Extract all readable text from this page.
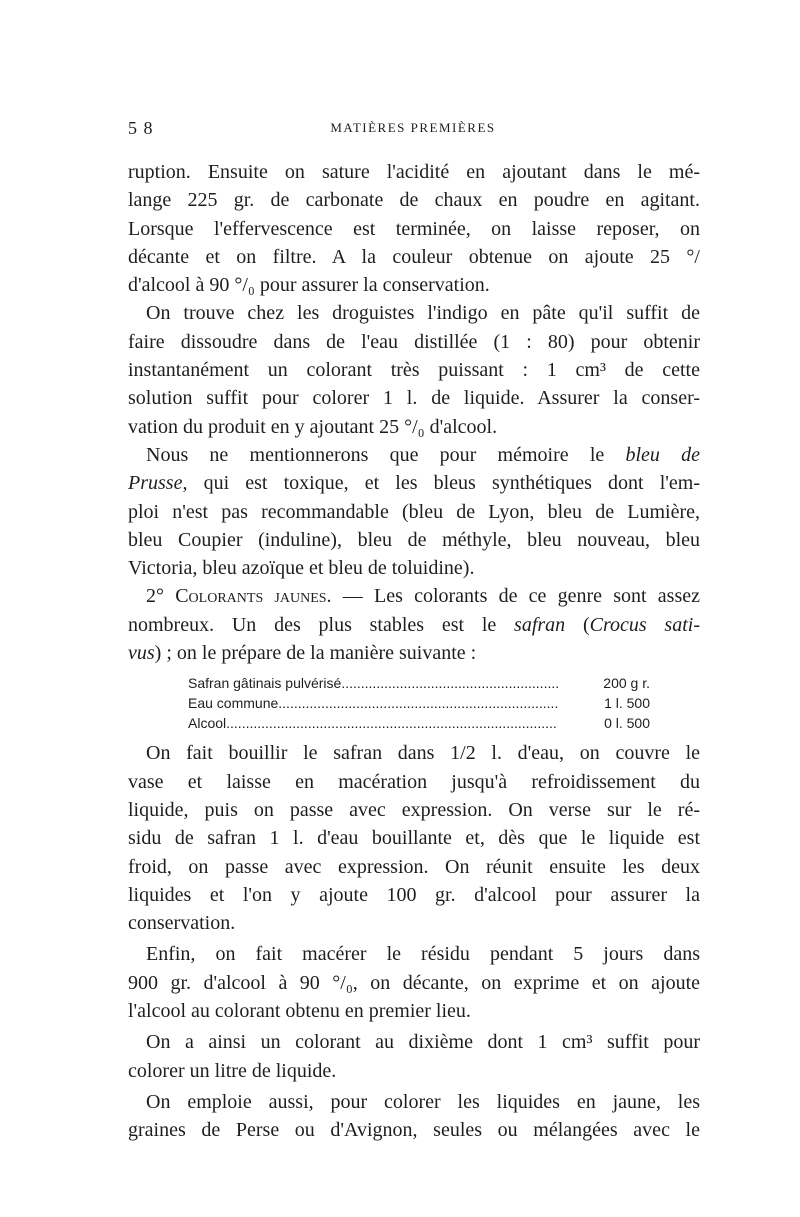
5 8	MATIÈRES PREMIÈRES
ruption. Ensuite on sature l'acidité en ajoutant dans le mé-
lange 225 gr. de carbonate de chaux en poudre en agitant.
Lorsque l'effervescence est terminée, on laisse reposer, on
décante et on filtre. A la couleur obtenue on ajoute 25 °/
d'alcool à 90 °/₀ pour assurer la conservation.
On trouve chez les droguistes l'indigo en pâte qu'il suffit de
faire dissoudre dans de l'eau distillée (1 : 80) pour obtenir
instantanément un colorant très puissant : 1 cm³ de cette
solution suffit pour colorer 1 l. de liquide. Assurer la conser-
vation du produit en y ajoutant 25 °/₀ d'alcool.
Nous ne mentionnerons que pour mémoire le bleu de
Prusse, qui est toxique, et les bleus synthétiques dont l'em-
ploi n'est pas recommandable (bleu de Lyon, bleu de Lumière,
bleu Coupier (induline), bleu de méthyle, bleu nouveau, bleu
Victoria, bleu azoïque et bleu de toluidine).
2° Colorants jaunes. — Les colorants de ce genre sont assez
nombreux. Un des plus stables est le safran (Crocus sati-
vus) ; on le prépare de la manière suivante :
Safran gâtinais pulvérisé .....	200 g r.
Eau commune .....	1 l. 500
Alcool .....	0 l. 500
On fait bouillir le safran dans 1/2 l. d'eau, on couvre le
vase et laisse en macération jusqu'à refroidissement du
liquide, puis on passe avec expression. On verse sur le ré-
sidu de safran 1 l. d'eau bouillante et, dès que le liquide est
froid, on passe avec expression. On réunit ensuite les deux
liquides et l'on y ajoute 100 gr. d'alcool pour assurer la
conservation.
Enfin, on fait macérer le résidu pendant 5 jours dans
900 gr. d'alcool à 90 °/₀, on décante, on exprime et on ajoute
l'alcool au colorant obtenu en premier lieu.
On a ainsi un colorant au dixième dont 1 cm³ suffit pour
colorer un litre de liquide.
On emploie aussi, pour colorer les liquides en jaune, les
graines de Perse ou d'Avignon, seules ou mélangées avec le
